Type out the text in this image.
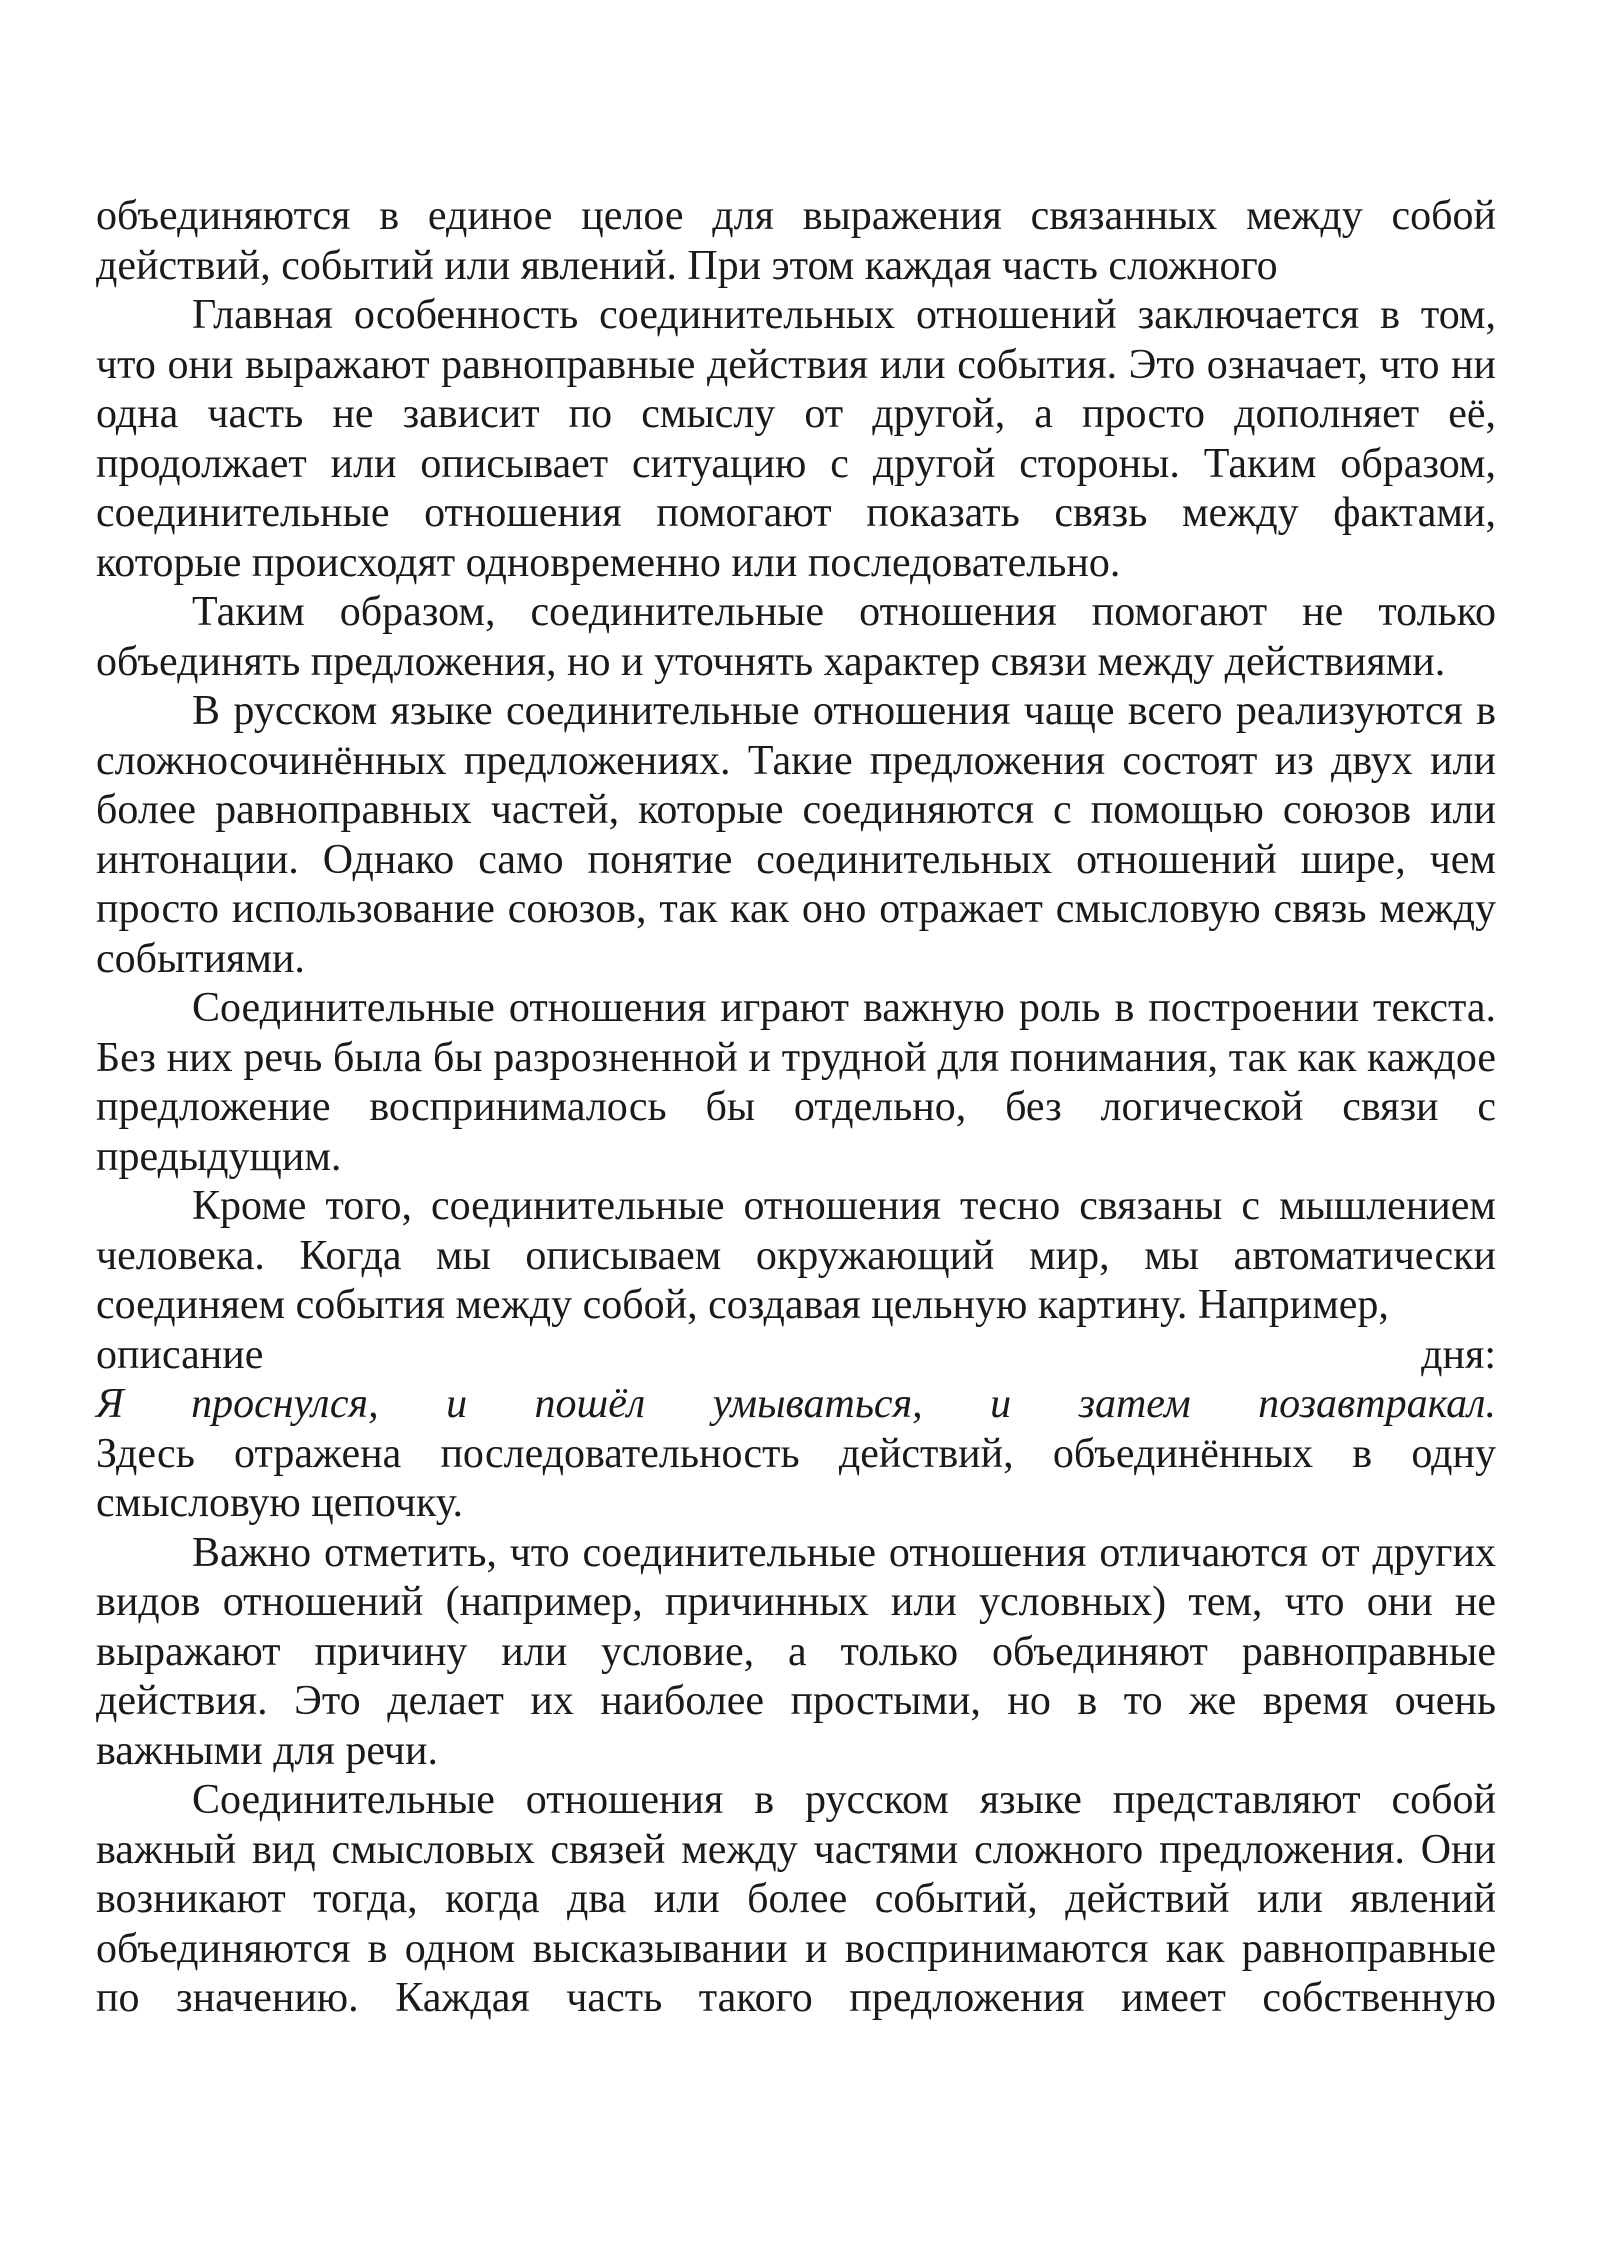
объединяются в единое целое для выражения связанных между собой действий, событий или явлений. При этом каждая часть сложного

Главная особенность соединительных отношений заключается в том, что они выражают равноправные действия или события. Это означает, что ни одна часть не зависит по смыслу от другой, а просто дополняет её, продолжает или описывает ситуацию с другой стороны. Таким образом, соединительные отношения помогают показать связь между фактами, которые происходят одновременно или последовательно.

Таким образом, соединительные отношения помогают не только объединять предложения, но и уточнять характер связи между действиями.

В русском языке соединительные отношения чаще всего реализуются в сложносочинённых предложениях. Такие предложения состоят из двух или более равноправных частей, которые соединяются с помощью союзов или интонации. Однако само понятие соединительных отношений шире, чем просто использование союзов, так как оно отражает смысловую связь между событиями.

Соединительные отношения играют важную роль в построении текста. Без них речь была бы разрозненной и трудной для понимания, так как каждое предложение воспринималось бы отдельно, без логической связи с предыдущим.

Кроме того, соединительные отношения тесно связаны с мышлением человека. Когда мы описываем окружающий мир, мы автоматически соединяем события между собой, создавая цельную картину. Например,
описание дня:
Я проснулся, и пошёл умываться, и затем позавтракал.
Здесь отражена последовательность действий, объединённых в одну смысловую цепочку.

Важно отметить, что соединительные отношения отличаются от других видов отношений (например, причинных или условных) тем, что они не выражают причину или условие, а только объединяют равноправные действия. Это делает их наиболее простыми, но в то же время очень важными для речи.

Соединительные отношения в русском языке представляют собой важный вид смысловых связей между частями сложного предложения. Они возникают тогда, когда два или более событий, действий или явлений объединяются в одном высказывании и воспринимаются как равноправные по значению. Каждая часть такого предложения имеет собственную
